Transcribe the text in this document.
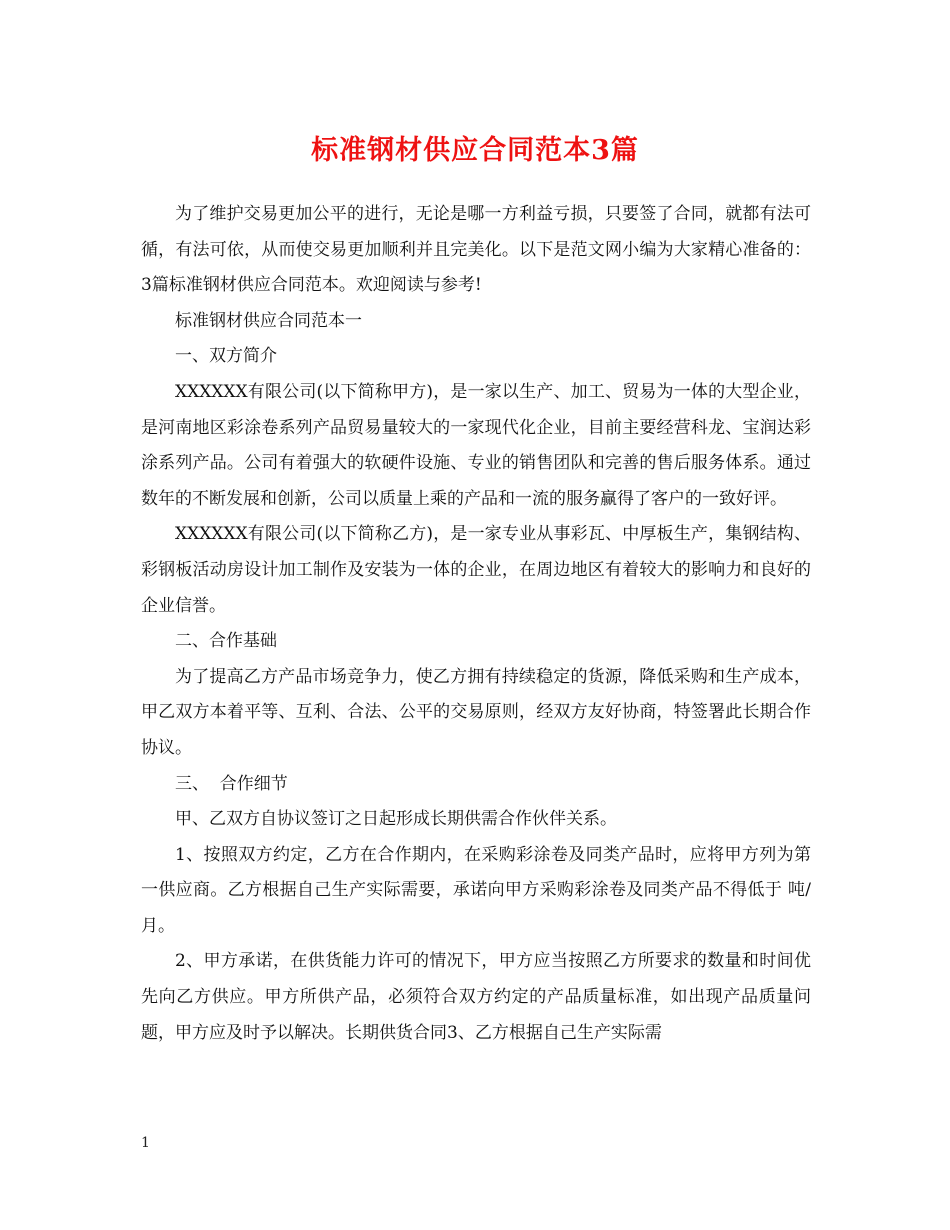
标准钢材供应合同范本3篇

为了维护交易更加公平的进行，无论是哪一方利益亏损，只要签了合同，就都有法可循，有法可依，从而使交易更加顺利并且完美化。以下是范文网小编为大家精心准备的：3篇标准钢材供应合同范本。欢迎阅读与参考!

标准钢材供应合同范本一

一、双方简介

XXXXXX有限公司(以下简称甲方)，是一家以生产、加工、贸易为一体的大型企业，是河南地区彩涂卷系列产品贸易量较大的一家现代化企业，目前主要经营科龙、宝润达彩涂系列产品。公司有着强大的软硬件设施、专业的销售团队和完善的售后服务体系。通过数年的不断发展和创新，公司以质量上乘的产品和一流的服务赢得了客户的一致好评。

XXXXXX有限公司(以下简称乙方)，是一家专业从事彩瓦、中厚板生产，集钢结构、彩钢板活动房设计加工制作及安装为一体的企业，在周边地区有着较大的影响力和良好的企业信誉。

二、合作基础

为了提高乙方产品市场竞争力，使乙方拥有持续稳定的货源，降低采购和生产成本，甲乙双方本着平等、互利、合法、公平的交易原则，经双方友好协商，特签署此长期合作协议。

三、  合作细节

甲、乙双方自协议签订之日起形成长期供需合作伙伴关系。

1、按照双方约定，乙方在合作期内，在采购彩涂卷及同类产品时，应将甲方列为第一供应商。乙方根据自己生产实际需要，承诺向甲方采购彩涂卷及同类产品不得低于 吨/月。

2、甲方承诺，在供货能力许可的情况下，甲方应当按照乙方所要求的数量和时间优先向乙方供应。甲方所供产品，必须符合双方约定的产品质量标准，如出现产品质量问题，甲方应及时予以解决。长期供货合同3、乙方根据自己生产实际需

1
